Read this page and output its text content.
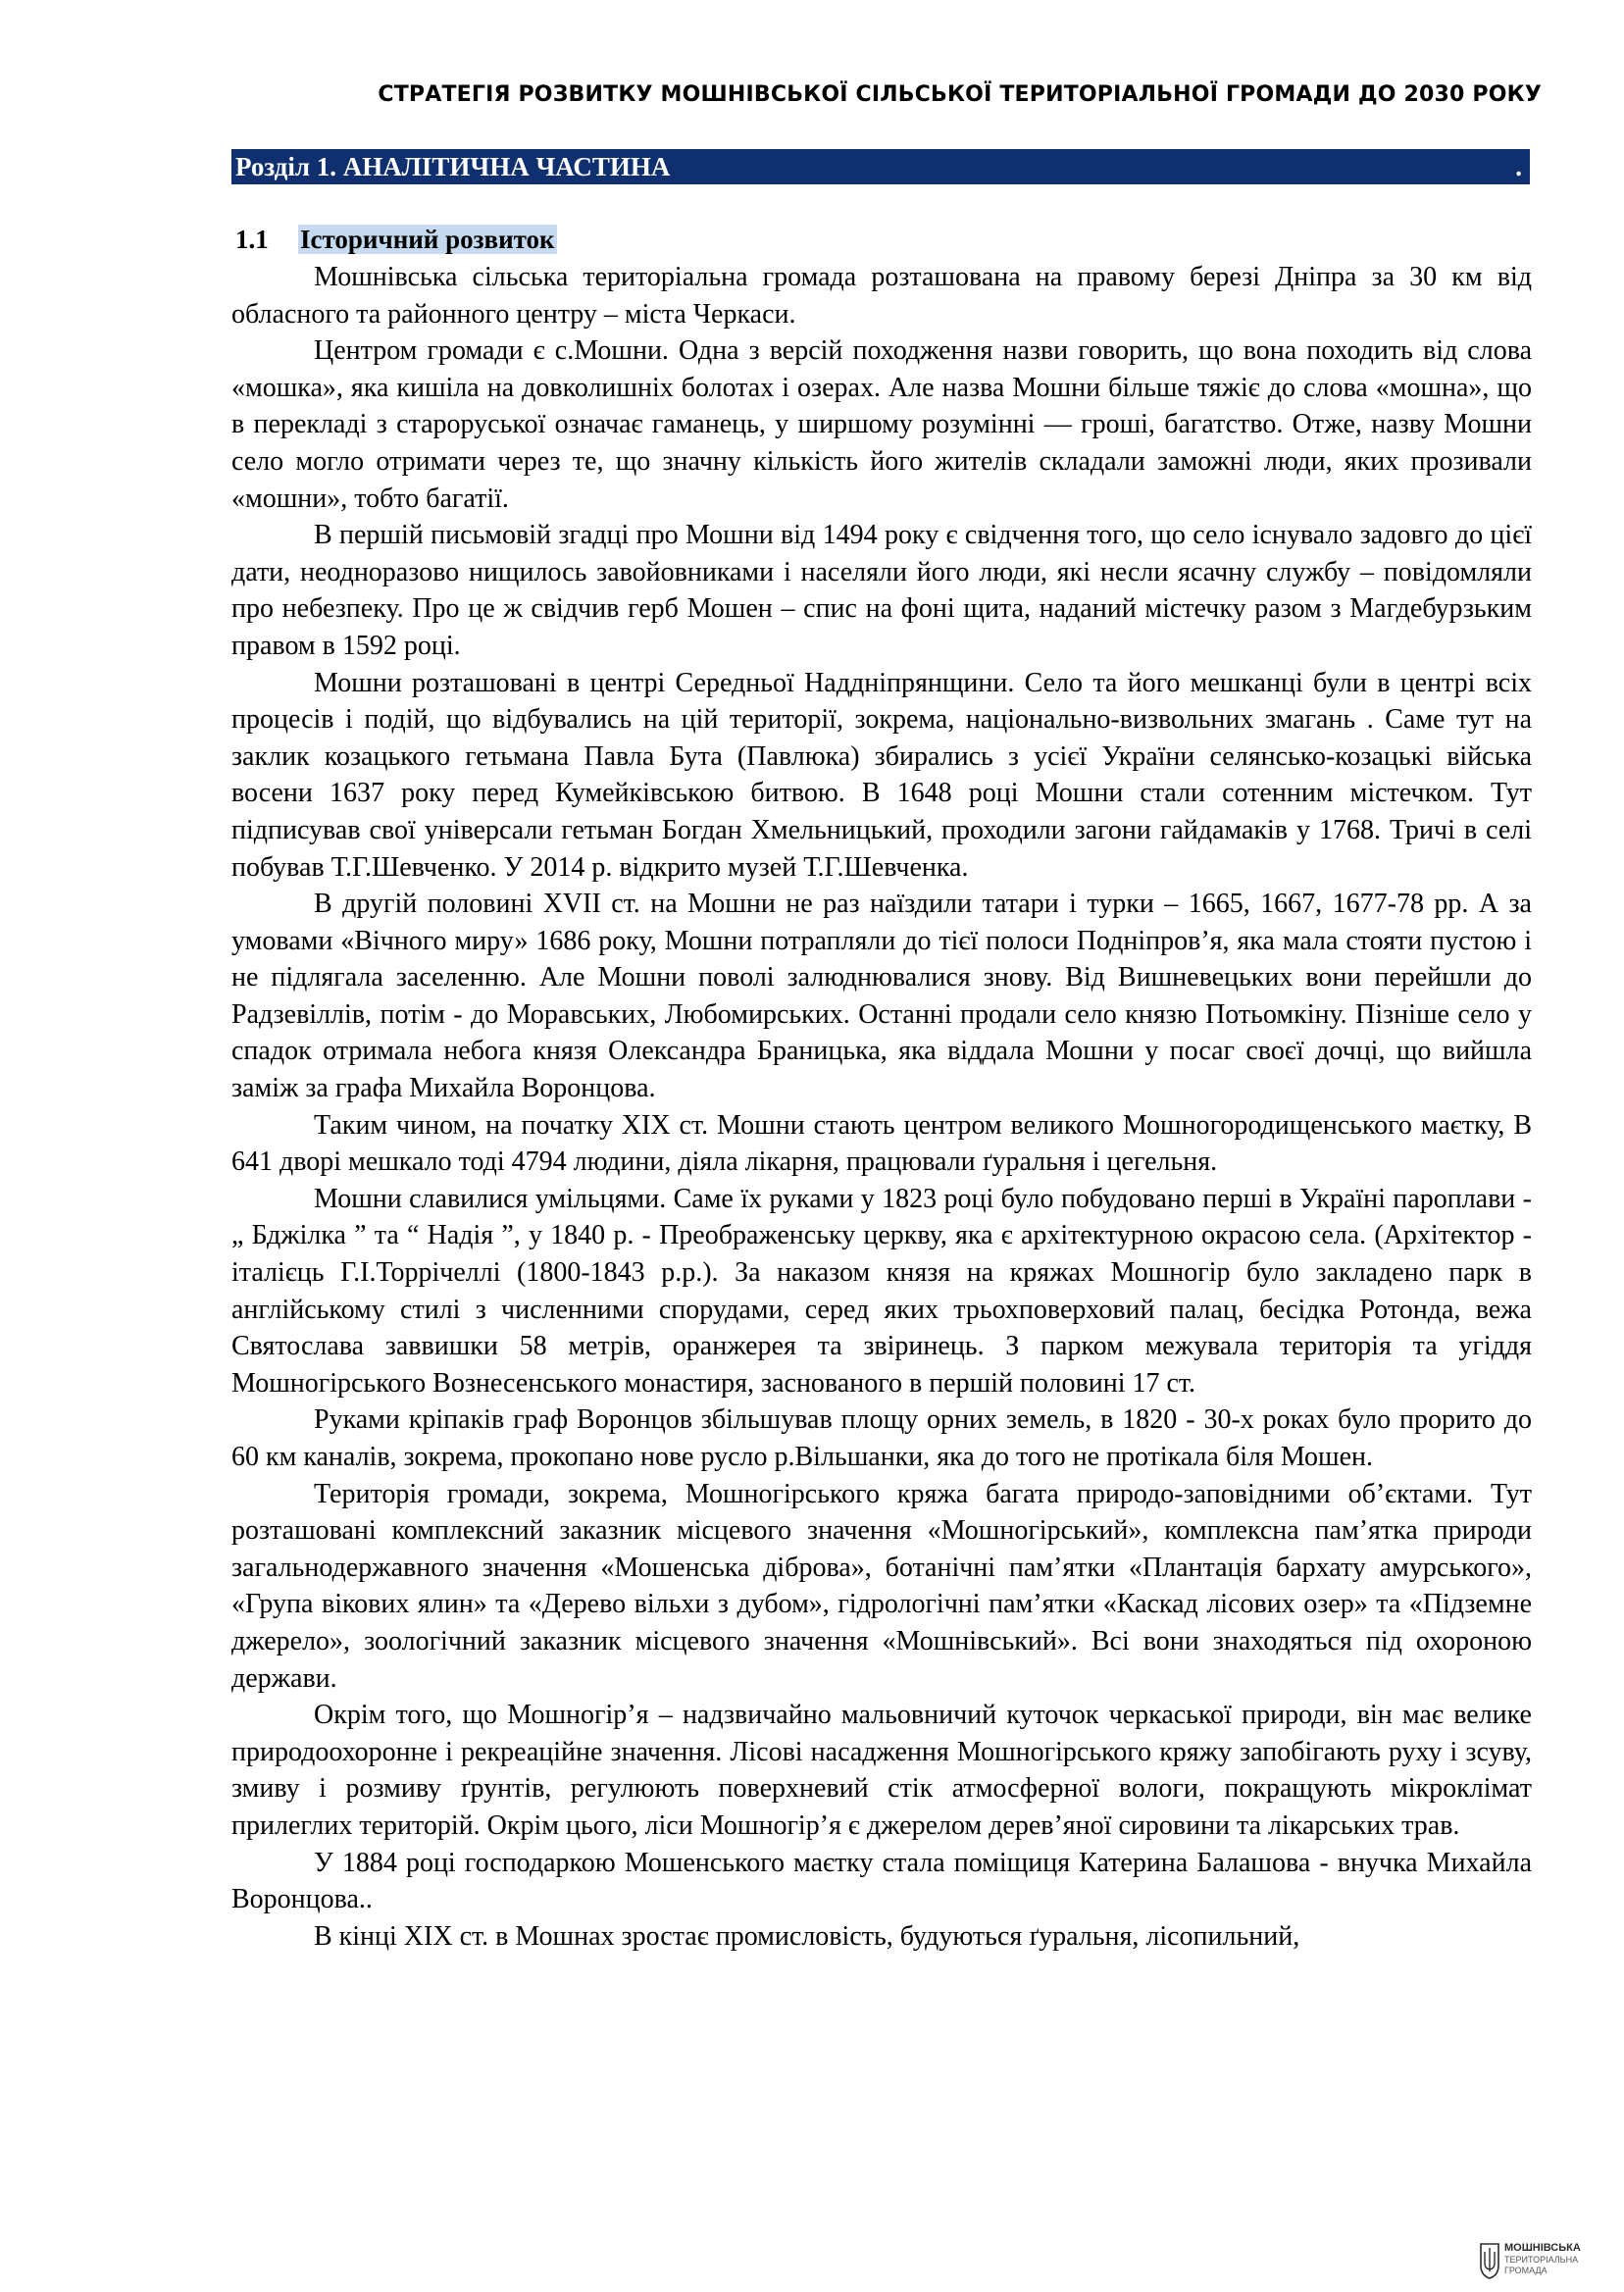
СТРАТЕГІЯ РОЗВИТКУ МОШНІВСЬКОЇ СІЛЬСЬКОЇ ТЕРИТОРІАЛЬНОЇ ГРОМАДИ ДО 2030 РОКУ
Розділ 1. АНАЛІТИЧНА ЧАСТИНА	.
1.1 Історичний розвиток

Мошнівська сільська територіальна громада розташована на правому березі Дніпра за 30 км від обласного та районного центру – міста Черкаси.

Центром громади є с.Мошни. Одна з версій походження назви говорить, що вона походить від слова «мошка», яка кишіла на довколишніх болотах і озерах. Але назва Мошни більше тяжіє до слова «мошна», що в перекладі з староруської означає гаманець, у ширшому розумінні — гроші, багатство. Отже, назву Мошни село могло отримати через те, що значну кількість його жителів складали заможні люди, яких прозивали «мошни», тобто багатії.

В першій письмовій згадці про Мошни від 1494 року є свідчення того, що село існувало задовго до цієї дати, неодноразово нищилось завойовниками і населяли його люди, які несли ясачну службу – повідомляли про небезпеку. Про це ж свідчив герб Мошен – спис на фоні щита, наданий містечку разом з Магдебурзьким правом в 1592 році.

Мошни розташовані в центрі Середньої Наддніпрянщини. Село та його мешканці були в центрі всіх процесів і подій, що відбувались на цій території, зокрема, національно-визвольних змагань . Саме тут на заклик козацького гетьмана Павла Бута (Павлюка) збирались з усієї України селянсько-козацькі війська восени 1637 року перед Кумейківською битвою. В 1648 році Мошни стали сотенним містечком. Тут підписував свої універсали гетьман Богдан Хмельницький, проходили загони гайдамаків у 1768. Тричі в селі побував Т.Г.Шевченко. У 2014 р. відкрито музей Т.Г.Шевченка.

В другій половині XVII ст. на Мошни не раз наїздили татари і турки – 1665, 1667, 1677-78 рр. А за умовами «Вічного миру» 1686 року, Мошни потрапляли до тієї полоси Подніпров’я, яка мала стояти пустою і не підлягала заселенню. Але Мошни поволі залюднювалися знову. Від Вишневецьких вони перейшли до Радзевіллів, потім - до Моравських, Любомирських. Останні продали село князю Потьомкіну. Пізніше село у спадок отримала небога князя Олександра Браницька, яка віддала Мошни у посаг своєї дочці, що вийшла заміж за графа Михайла Воронцова.

Таким чином, на початку XIX ст. Мошни стають центром великого Мошногородищенського маєтку, В 641 дворі мешкало тоді 4794 людини, діяла лікарня, працювали ґуральня і цегельня.

Мошни славилися умільцями. Саме їх руками у 1823 році було побудовано перші в Україні пароплави - „ Бджілка ” та “ Надія ”, у 1840 р. - Преображенську церкву, яка є архітектурною окрасою села. (Архітектор - італієць Г.І.Торрічеллі (1800-1843 р.р.). За наказом князя на кряжах Мошногір було закладено парк в англійському стилі з численними спорудами, серед яких трьохповерховий палац, бесідка Ротонда, вежа Святослава заввишки 58 метрів, оранжерея та звіринець. З парком межувала територія та угіддя Мошногірського Вознесенського монастиря, заснованого в першій половині 17 ст.

Руками кріпаків граф Воронцов збільшував площу орних земель, в 1820 - 30-х роках було прорито до 60 км каналів, зокрема, прокопано нове русло р.Вільшанки, яка до того не протікала біля Мошен.

Територія громади, зокрема, Мошногірського кряжа багата природо-заповідними об’єктами. Тут розташовані комплексний заказник місцевого значення «Мошногірський», комплексна пам’ятка природи загальнодержавного значення «Мошенська діброва», ботанічні пам’ятки «Плантація бархату амурського», «Група вікових ялин» та «Дерево вільхи з дубом», гідрологічні пам’ятки «Каскад лісових озер» та «Підземне джерело», зоологічний заказник місцевого значення «Мошнівський». Всі вони знаходяться під охороною держави.

Окрім того, що Мошногір’я – надзвичайно мальовничий куточок черкаської природи, він має велике природоохоронне і рекреаційне значення. Лісові насадження Мошногірського кряжу запобігають руху і зсуву, змиву і розмиву ґрунтів, регулюють поверхневий стік атмосферної вологи, покращують мікроклімат прилеглих територій. Окрім цього, ліси Мошногір’я є джерелом деревʼяної сировини та лікарських трав.

У 1884 році господаркою Мошенського маєтку стала поміщиця Катерина Балашова - внучка Михайла Воронцова..

В кінці XIX ст. в Мошнах зростає промисловість, будуються ґуральня, лісопильний,

МОШНІВСЬКА
ТЕРИТОРІАЛЬНА
ГРОМАДА
